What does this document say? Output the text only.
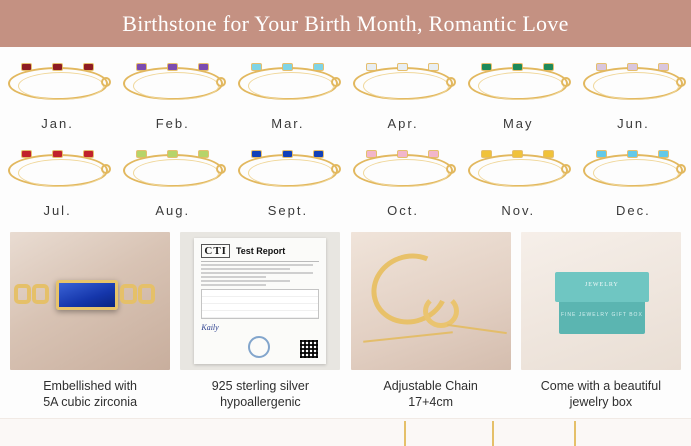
Birthstone for Your Birth Month, Romantic Love
Jan.	Feb.	Mar.	Apr.	May	Jun.
Jul.	Aug.	Sept.	Oct.	Nov.	Dec.
Embellished with
5A cubic zirconia
CTI	Test Report
Kaily
925 sterling silver
hypoallergenic
Adjustable Chain
17+4cm
JEWELRY
FINE JEWELRY GIFT BOX
Come with a beautiful
jewelry box
